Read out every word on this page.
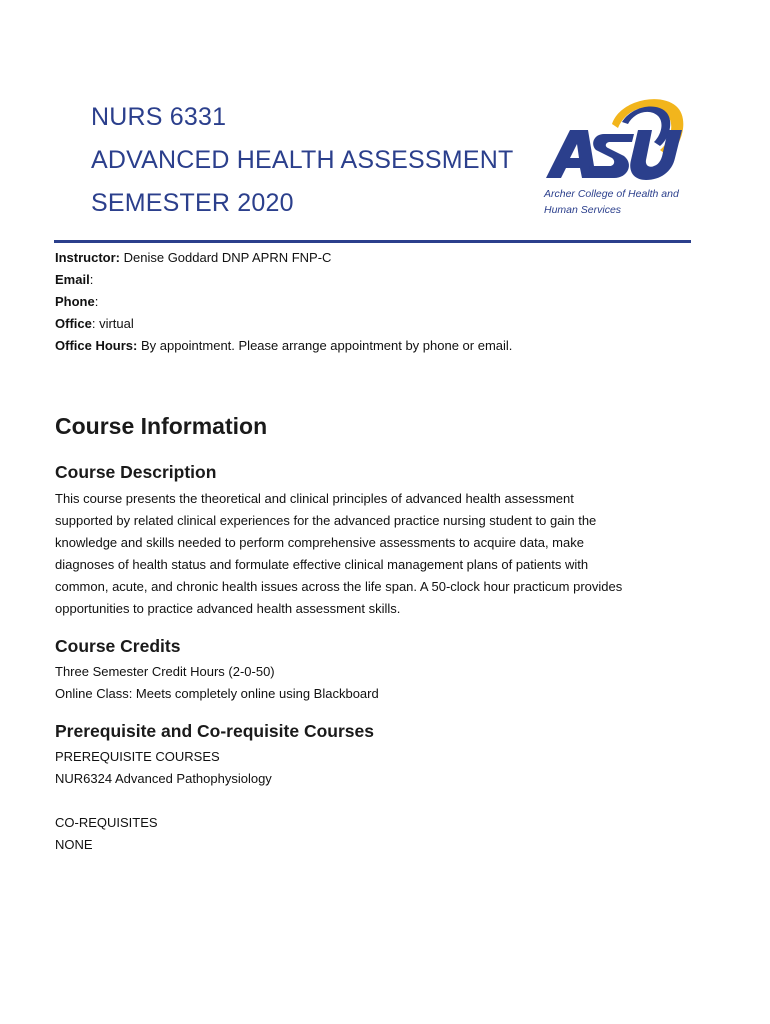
NURS 6331
ADVANCED HEALTH ASSESSMENT
SEMESTER 2020	Archer College of Health and
Human Services
Instructor: Denise Goddard DNP APRN FNP-C
Email:
Phone:
Office: virtual
Office Hours: By appointment. Please arrange appointment by phone or email.
Course Information
Course Description
This course presents the theoretical and clinical principles of advanced health assessment
supported by related clinical experiences for the advanced practice nursing student to gain the
knowledge and skills needed to perform comprehensive assessments to acquire data, make
diagnoses of health status and formulate effective clinical management plans of patients with
common, acute, and chronic health issues across the life span. A 50-clock hour practicum provides
opportunities to practice advanced health assessment skills.
Course Credits
Three Semester Credit Hours (2-0-50)
Online Class: Meets completely online using Blackboard
Prerequisite and Co-requisite Courses
PREREQUISITE COURSES
NUR6324 Advanced Pathophysiology
CO-REQUISITES
NONE
